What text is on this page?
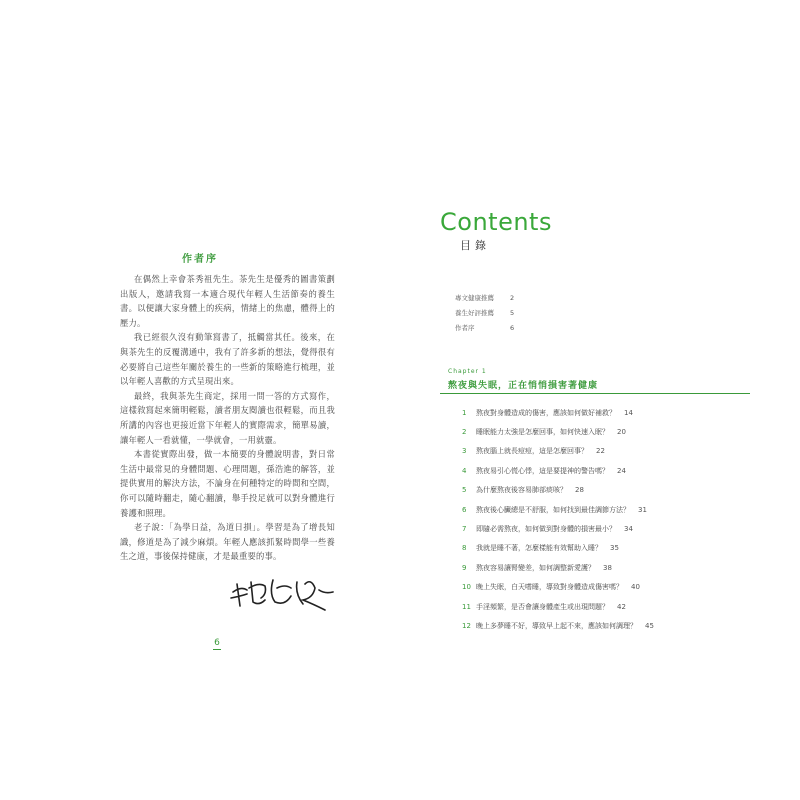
作者序

在偶然上幸會茶秀祖先生。茶先生是優秀的圖書策劃出版人，邀請我寫一本適合現代年輕人生活節奏的養生書。以便讓大家身體上的疾病，情緒上的焦慮，體得上的壓力。

我已經很久沒有動筆寫書了，抵觸當其任。後來，在與茶先生的反覆溝通中，我有了許多新的想法，覺得很有必要將自己這些年關於養生的一些新的策略進行梳理，並以年輕人喜歡的方式呈現出來。

最終，我與茶先生商定，採用一問一答的方式寫作，這樣敘寫起來簡明輕鬆，讀者朋友閱讀也很輕鬆，而且我所講的內容也更接近當下年輕人的實際需求，簡單易讀，讓年輕人一看就懂，一學就會，一用就靈。

本書從實際出發，做一本簡要的身體說明書，對日常生活中最常見的身體問題、心理問題，孫浩進的解答，並提供實用的解決方法，不論身在何種特定的時間和空間，你可以隨時翻走，隨心翻讀，舉手投足就可以對身體進行養護和照理。

老子說：「為學日益，為道日損」。學習是為了增長知識，修道是為了減少麻煩。年輕人應該抓緊時間學一些養生之道，事後保持健康，才是最重要的事。

6
Contents
目錄
專文健康推薦	2
養生好評推薦	5
作者序	6
Chapter 1
熬夜與失眠，正在悄悄損害著健康
1	熬夜對身體造成的傷害，應該如何做好補救？ 14
2	睡眠能力太強是怎麼回事，如何快速入眠？ 20
3	熬夜腦上就長痘痘，這是怎麼回事？ 22
4	熬夜易引心慌心悸，這是要提神的警告嗎？ 24
5	為什麼熬夜後容易肺部痰咳？ 28
6	熬夜後心臟總是不舒服，如何找到最佳調節方法？ 31
7	即隨必需熬夜，如何做到對身體的損害最小？ 34
8	我就是睡不著，怎麼樣能有效幫助入睡？ 35
9	熬夜容易讓腎變差，如何調整新愛護？ 38
10 晚上失眠，白天嗜睡，導致對身體造成傷害嗎？ 40
11 手淫頻繁，是否會讓身體產生或出現問題？ 42
12 晚上多夢睡不好，導致早上起不來，應該如何調理？ 45
